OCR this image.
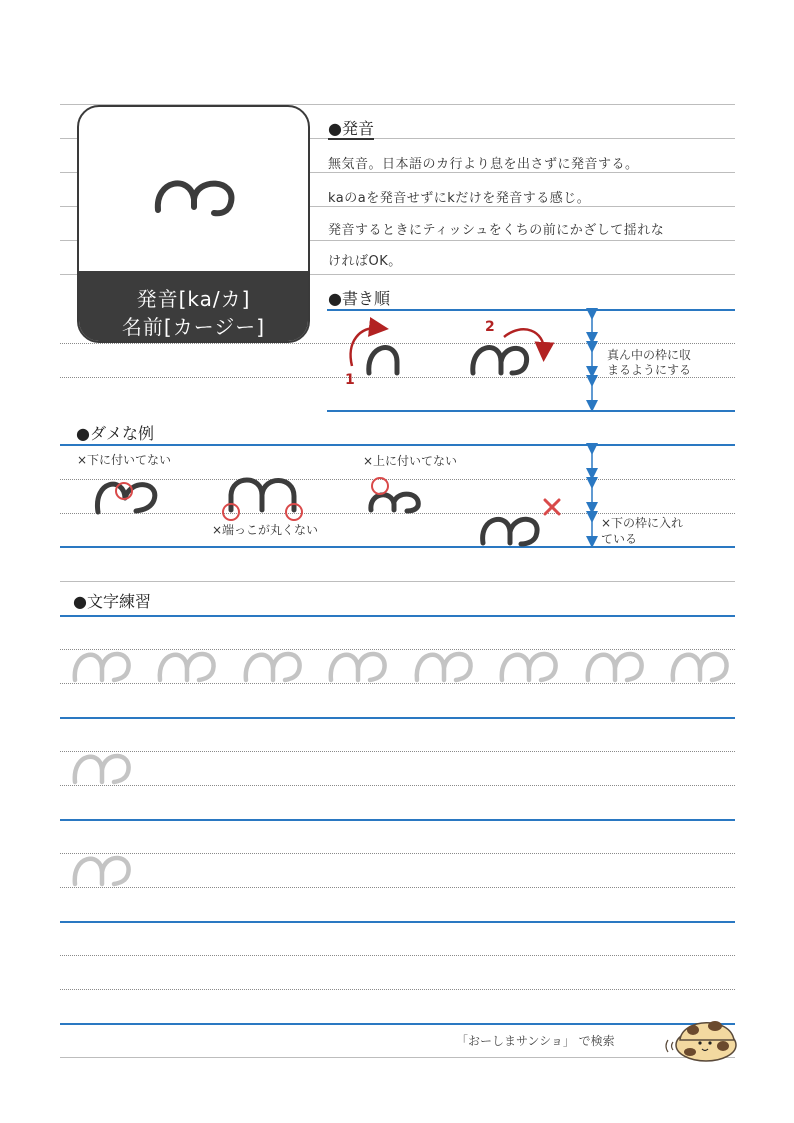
発音[ka/カ]
名前[カージー]
●発音
無気音。日本語のカ行より息を出さずに発音する。
kaのaを発音せずにkだけを発音する感じ。
発音するときにティッシュをくちの前にかざして揺れな
ければOK。
●書き順
1
2
真ん中の枠に収
まるようにする
●ダメな例
×下に付いてない
×端っこが丸くない
×上に付いてない
×下の枠に入れ
ている
●文字練習
「おーしまサンショ」 で検索
